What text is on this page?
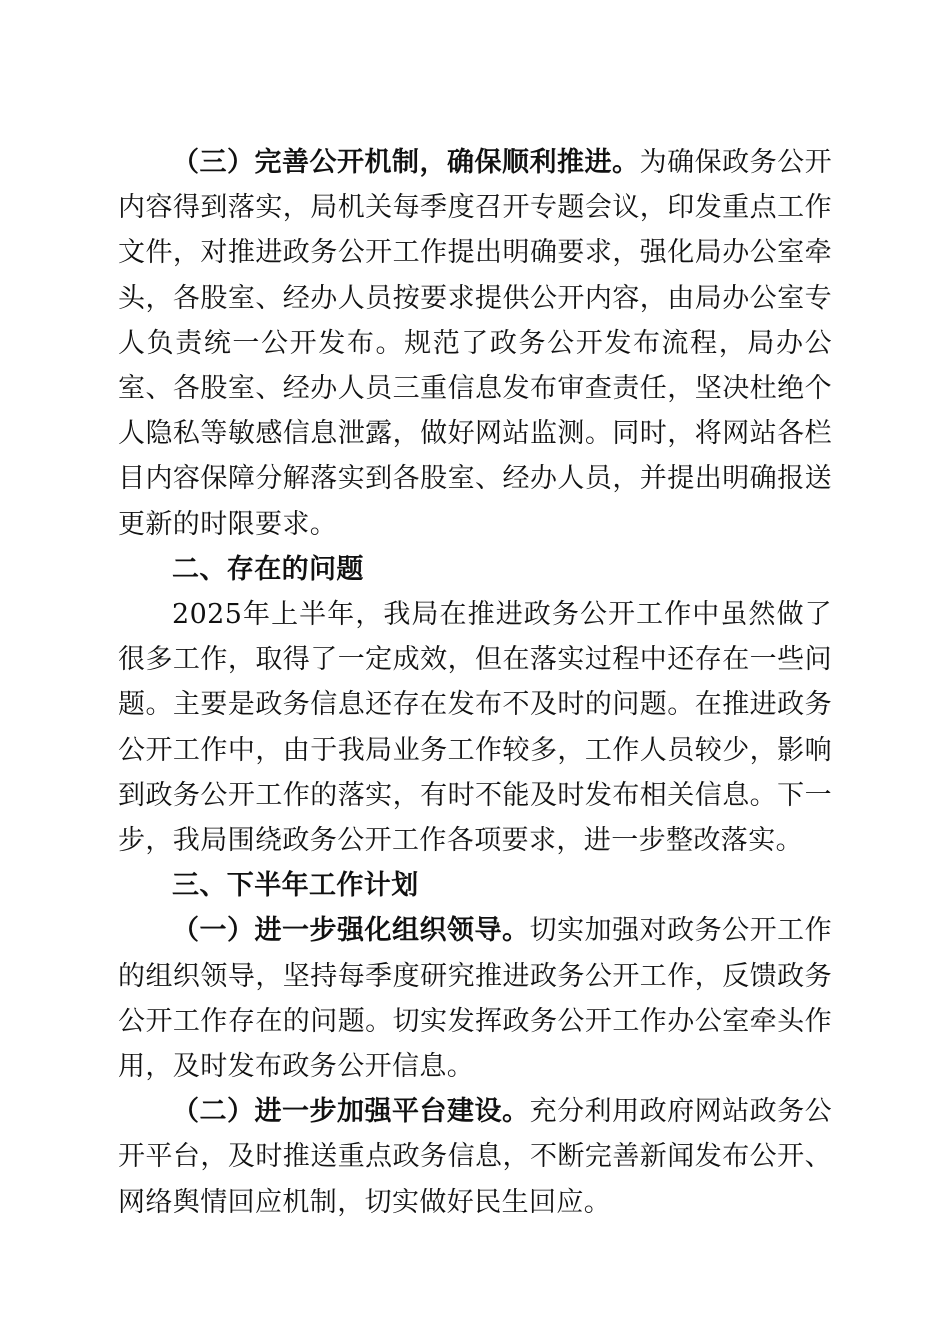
（三）完善公开机制，确保顺利推进。为确保政务公开内容得到落实，局机关每季度召开专题会议，印发重点工作文件，对推进政务公开工作提出明确要求，强化局办公室牵头，各股室、经办人员按要求提供公开内容，由局办公室专人负责统一公开发布。规范了政务公开发布流程，局办公室、各股室、经办人员三重信息发布审查责任，坚决杜绝个人隐私等敏感信息泄露，做好网站监测。同时，将网站各栏目内容保障分解落实到各股室、经办人员，并提出明确报送更新的时限要求。

二、存在的问题

2025年上半年，我局在推进政务公开工作中虽然做了很多工作，取得了一定成效，但在落实过程中还存在一些问题。主要是政务信息还存在发布不及时的问题。在推进政务公开工作中，由于我局业务工作较多，工作人员较少，影响到政务公开工作的落实，有时不能及时发布相关信息。下一步，我局围绕政务公开工作各项要求，进一步整改落实。

三、下半年工作计划

（一）进一步强化组织领导。切实加强对政务公开工作的组织领导，坚持每季度研究推进政务公开工作，反馈政务公开工作存在的问题。切实发挥政务公开工作办公室牵头作用，及时发布政务公开信息。

（二）进一步加强平台建设。充分利用政府网站政务公开平台，及时推送重点政务信息，不断完善新闻发布公开、网络舆情回应机制，切实做好民生回应。
